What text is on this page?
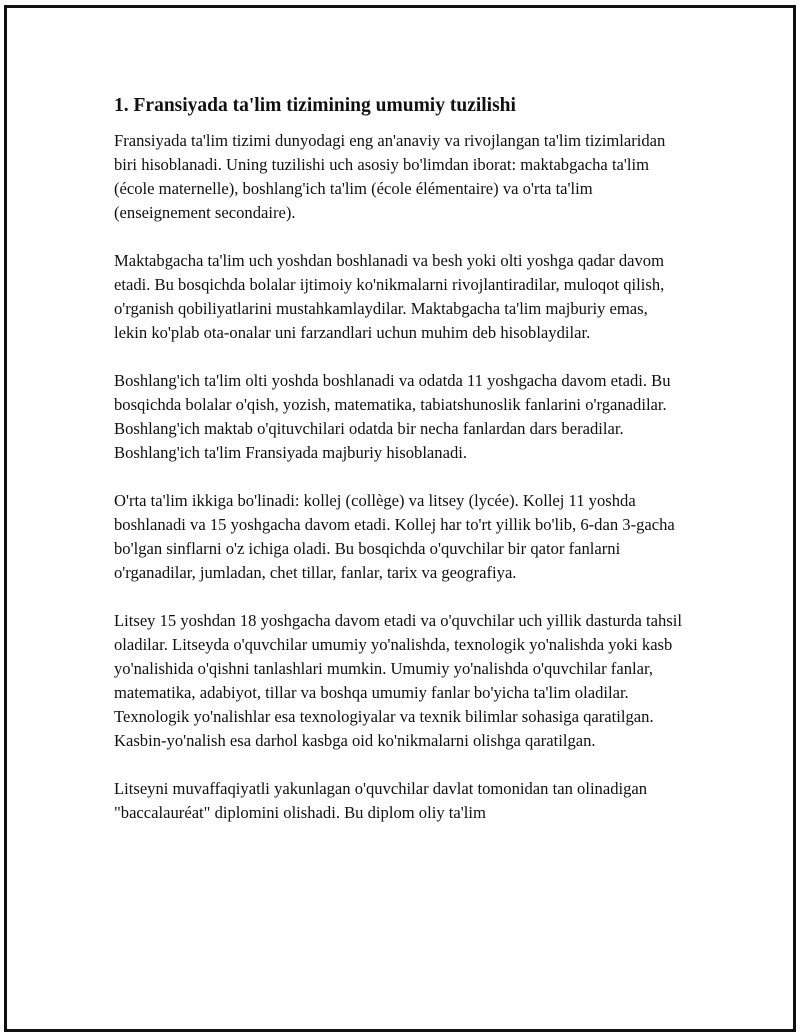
1. Fransiyada ta'lim tizimining umumiy tuzilishi

Fransiyada ta'lim tizimi dunyodagi eng an'anaviy va rivojlangan ta'lim tizimlaridan biri hisoblanadi. Uning tuzilishi uch asosiy bo'limdan iborat: maktabgacha ta'lim (école maternelle), boshlang'ich ta'lim (école élémentaire) va o'rta ta'lim (enseignement secondaire).

Maktabgacha ta'lim uch yoshdan boshlanadi va besh yoki olti yoshga qadar davom etadi. Bu bosqichda bolalar ijtimoiy ko'nikmalarni rivojlantiradilar, muloqot qilish, o'rganish qobiliyatlarini mustahkamlaydilar. Maktabgacha ta'lim majburiy emas, lekin ko'plab ota-onalar uni farzandlari uchun muhim deb hisoblaydilar.

Boshlang'ich ta'lim olti yoshda boshlanadi va odatda 11 yoshgacha davom etadi. Bu bosqichda bolalar o'qish, yozish, matematika, tabiatshunoslik fanlarini o'rganadilar. Boshlang'ich maktab o'qituvchilari odatda bir necha fanlardan dars beradilar. Boshlang'ich ta'lim Fransiyada majburiy hisoblanadi.

O'rta ta'lim ikkiga bo'linadi: kollej (collège) va litsey (lycée). Kollej 11 yoshda boshlanadi va 15 yoshgacha davom etadi. Kollej har to'rt yillik bo'lib, 6-dan 3-gacha bo'lgan sinflarni o'z ichiga oladi. Bu bosqichda o'quvchilar bir qator fanlarni o'rganadilar, jumladan, chet tillar, fanlar, tarix va geografiya.

Litsey 15 yoshdan 18 yoshgacha davom etadi va o'quvchilar uch yillik dasturda tahsil oladilar. Litseyda o'quvchilar umumiy yo'nalishda, texnologik yo'nalishda yoki kasb yo'nalishida o'qishni tanlashlari mumkin. Umumiy yo'nalishda o'quvchilar fanlar, matematika, adabiyot, tillar va boshqa umumiy fanlar bo'yicha ta'lim oladilar. Texnologik yo'nalishlar esa texnologiyalar va texnik bilimlar sohasiga qaratilgan. Kasbin-yo'nalish esa darhol kasbga oid ko'nikmalarni olishga qaratilgan.

Litseyni muvaffaqiyatli yakunlagan o'quvchilar davlat tomonidan tan olinadigan "baccalauréat" diplomini olishadi. Bu diplom oliy ta'lim
